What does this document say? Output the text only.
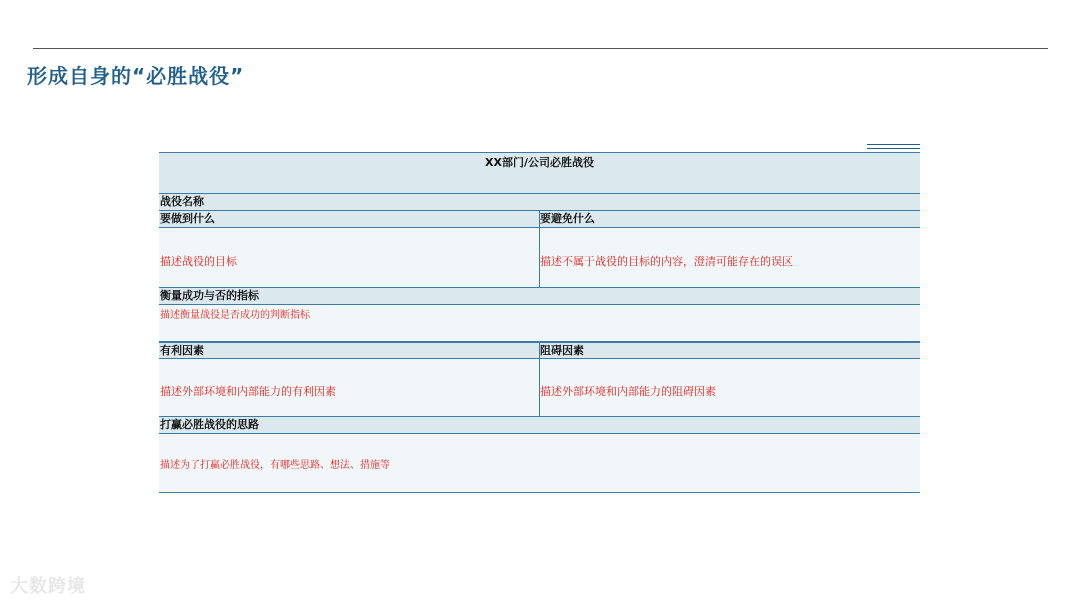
形成自身的“必胜战役”
XX部门/公司必胜战役
战役名称
要做到什么	要避免什么
描述战役的目标	描述不属于战役的目标的内容，澄清可能存在的误区
衡量成功与否的指标
描述衡量战役是否成功的判断指标
有利因素	阻碍因素
描述外部环境和内部能力的有利因素	描述外部环境和内部能力的阻碍因素
打赢必胜战役的思路
描述为了打赢必胜战役，有哪些思路、想法、措施等
大数跨境
